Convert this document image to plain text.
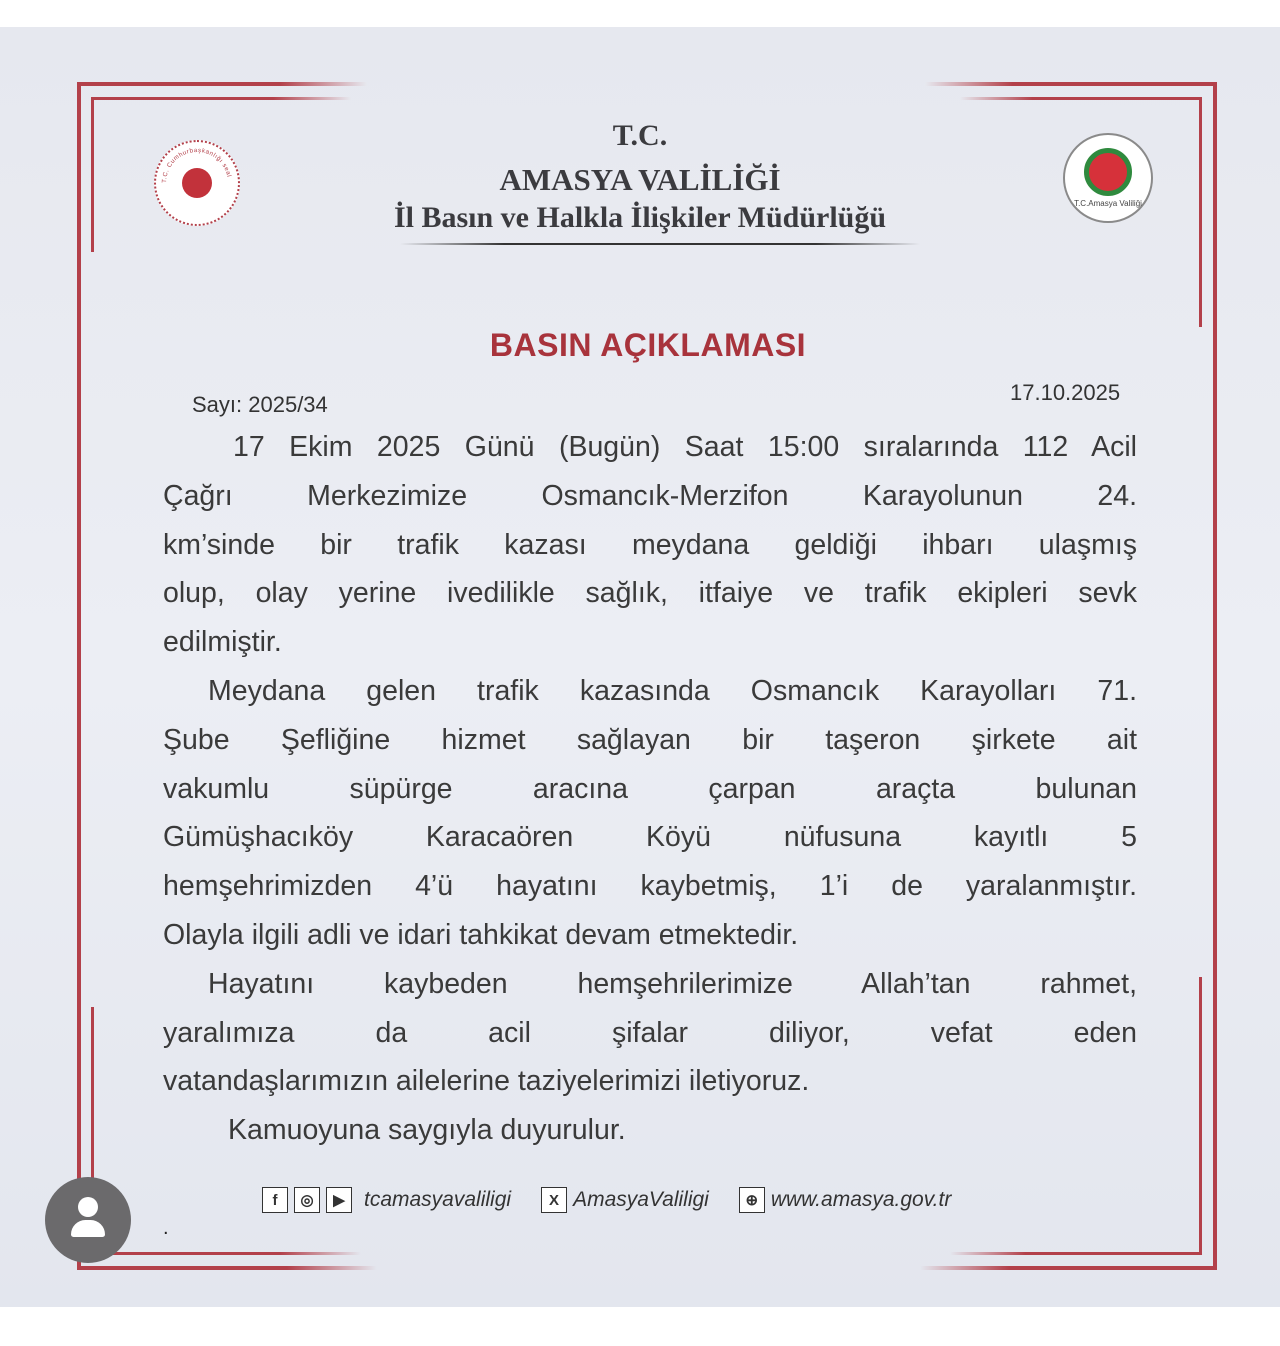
T.C. Cumhurbaşkanlığı seal
T.C.Amasya Valiliği
T.C.
AMASYA VALİLİĞİ
İl Basın ve Halkla İlişkiler Müdürlüğü
BASIN AÇIKLAMASI
Sayı: 2025/34	17.10.2025
17 Ekim 2025 Günü (Bugün) Saat 15:00 sıralarında 112 Acil
Çağrı Merkezimize Osmancık-Merzifon Karayolunun 24.
km’sinde bir trafik kazası meydana geldiği ihbarı ulaşmış
olup, olay yerine ivedilikle sağlık, itfaiye ve trafik ekipleri sevk
edilmiştir.
Meydana gelen trafik kazasında Osmancık Karayolları 71.
Şube Şefliğine hizmet sağlayan bir taşeron şirkete ait
vakumlu süpürge aracına çarpan araçta bulunan
Gümüşhacıköy Karacaören Köyü nüfusuna kayıtlı 5
hemşehrimizden 4’ü hayatını kaybetmiş, 1’i de yaralanmıştır.
Olayla ilgili adli ve idari tahkikat devam etmektedir.
Hayatını kaybeden hemşehrilerimize Allah’tan rahmet,
yaralımıza da acil şifalar diliyor, vefat eden
vatandaşlarımızın ailelerine taziyelerimizi iletiyoruz.
Kamuoyuna saygıyla duyurulur.
.
f	◎	▶ tcamasyavaliligi	X AmasyaValiligi	⊕ www.amasya.gov.tr
